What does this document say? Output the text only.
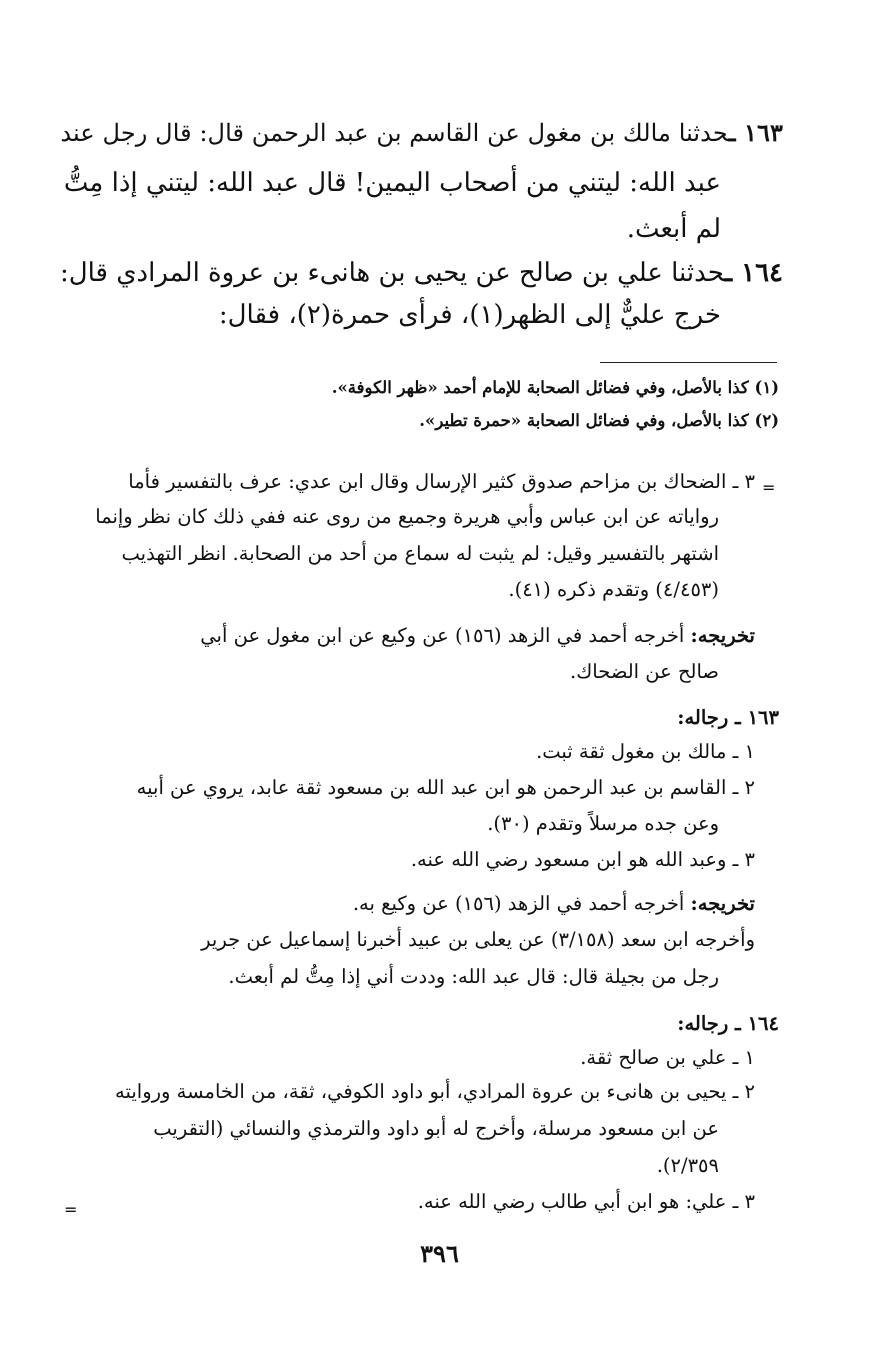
١٦٣ ـحدثنا مالك بن مغول عن القاسم بن عبد الرحمن قال: قال رجل عند
عبد الله: ليتني من أصحاب اليمين! قال عبد الله: ليتني إذا مِتُّ
لم أبعث.
١٦٤ ـحدثنا علي بن صالح عن يحيى بن هانىء بن عروة المرادي قال:
خرج عليٌّ إلى الظهر(١)، فرأى حمرة(٢)، فقال:
(١) كذا بالأصل، وفي فضائل الصحابة للإمام أحمد «ظهر الكوفة».
(٢) كذا بالأصل، وفي فضائل الصحابة «حمرة تطير».
=
٣ ـ الضحاك بن مزاحم صدوق كثير الإرسال وقال ابن عدي: عرف بالتفسير فأما
رواياته عن ابن عباس وأبي هريرة وجميع من روى عنه ففي ذلك كان نظر وإنما
اشتهر بالتفسير وقيل: لم يثبت له سماع من أحد من الصحابة. انظر التهذيب
(٤/٤٥٣) وتقدم ذكره (٤١).
تخريجه: أخرجه أحمد في الزهد (١٥٦) عن وكيع عن ابن مغول عن أبي
صالح عن الضحاك.
١٦٣ ـ رجاله:
١ ـ مالك بن مغول ثقة ثبت.
٢ ـ القاسم بن عبد الرحمن هو ابن عبد الله بن مسعود ثقة عابد، يروي عن أبيه
وعن جده مرسلاً وتقدم (٣٠).
٣ ـ وعبد الله هو ابن مسعود رضي الله عنه.
تخريجه: أخرجه أحمد في الزهد (١٥٦) عن وكيع به.
وأخرجه ابن سعد (٣/١٥٨) عن يعلى بن عبيد أخبرنا إسماعيل عن جرير
رجل من بجيلة قال: قال عبد الله: وددت أني إذا مِتُّ لم أبعث.
١٦٤ ـ رجاله:
١ ـ علي بن صالح ثقة.
٢ ـ يحيى بن هانىء بن عروة المرادي، أبو داود الكوفي، ثقة، من الخامسة وروايته
عن ابن مسعود مرسلة، وأخرج له أبو داود والترمذي والنسائي (التقريب
٢/٣٥٩).
٣ ـ علي: هو ابن أبي طالب رضي الله عنه.
=
٣٩٦
